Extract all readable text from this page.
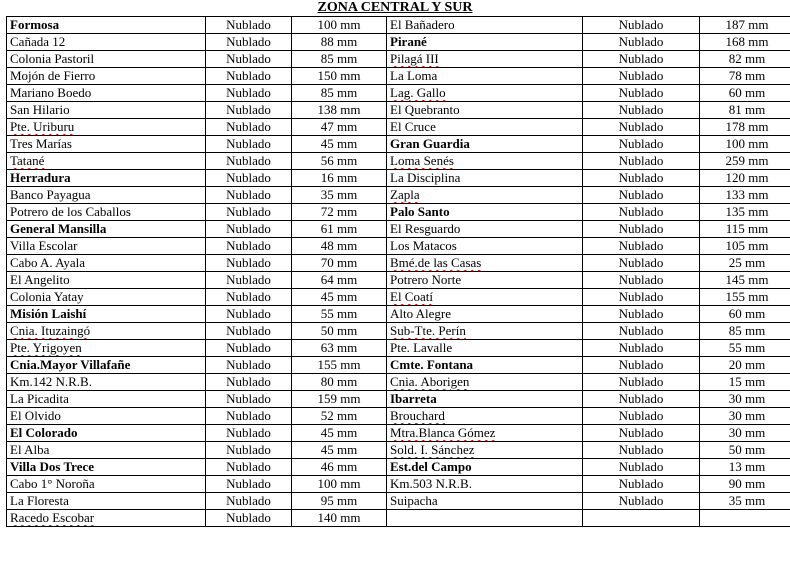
ZONA CENTRAL Y SUR
Formosa	Nublado	100 mm	El Bañadero	Nublado	187 mm
Cañada 12	Nublado	88 mm	Pirané	Nublado	168 mm
Colonia Pastoril	Nublado	85 mm	Pilagá III	Nublado	82 mm
Mojón de Fierro	Nublado	150 mm	La Loma	Nublado	78 mm
Mariano Boedo	Nublado	85 mm	Lag. Gallo	Nublado	60 mm
San Hilario	Nublado	138 mm	El Quebranto	Nublado	81 mm
Pte. Uriburu	Nublado	47 mm	El Cruce	Nublado	178 mm
Tres Marías	Nublado	45 mm	Gran Guardia	Nublado	100 mm
Tatané	Nublado	56 mm	Loma Senés	Nublado	259 mm
Herradura	Nublado	16 mm	La Disciplina	Nublado	120 mm
Banco Payagua	Nublado	35 mm	Zapla	Nublado	133 mm
Potrero de los Caballos	Nublado	72 mm	Palo Santo	Nublado	135 mm
General Mansilla	Nublado	61 mm	El Resguardo	Nublado	115 mm
Villa Escolar	Nublado	48 mm	Los Matacos	Nublado	105 mm
Cabo A. Ayala	Nublado	70 mm	Bmé.de las Casas	Nublado	25 mm
El Angelito	Nublado	64 mm	Potrero Norte	Nublado	145 mm
Colonia Yatay	Nublado	45 mm	El Coatí	Nublado	155 mm
Misión Laishí	Nublado	55 mm	Alto Alegre	Nublado	60 mm
Cnia. Ituzaingó	Nublado	50 mm	Sub-Tte. Perín	Nublado	85 mm
Pte. Yrigoyen	Nublado	63 mm	Pte. Lavalle	Nublado	55 mm
Cnia.Mayor Villafañe	Nublado	155 mm	Cmte. Fontana	Nublado	20 mm
Km.142 N.R.B.	Nublado	80 mm	Cnia. Aborigen	Nublado	15 mm
La Picadita	Nublado	159 mm	Ibarreta	Nublado	30 mm
El Olvido	Nublado	52 mm	Brouchard	Nublado	30 mm
El Colorado	Nublado	45 mm	Mtra.Blanca Gómez	Nublado	30 mm
El Alba	Nublado	45 mm	Sold. I. Sánchez	Nublado	50 mm
Villa Dos Trece	Nublado	46 mm	Est.del Campo	Nublado	13 mm
Cabo 1° Noroña	Nublado	100 mm	Km.503 N.R.B.	Nublado	90 mm
La Floresta	Nublado	95 mm	Suipacha	Nublado	35 mm
Racedo Escobar	Nublado	140 mm			
